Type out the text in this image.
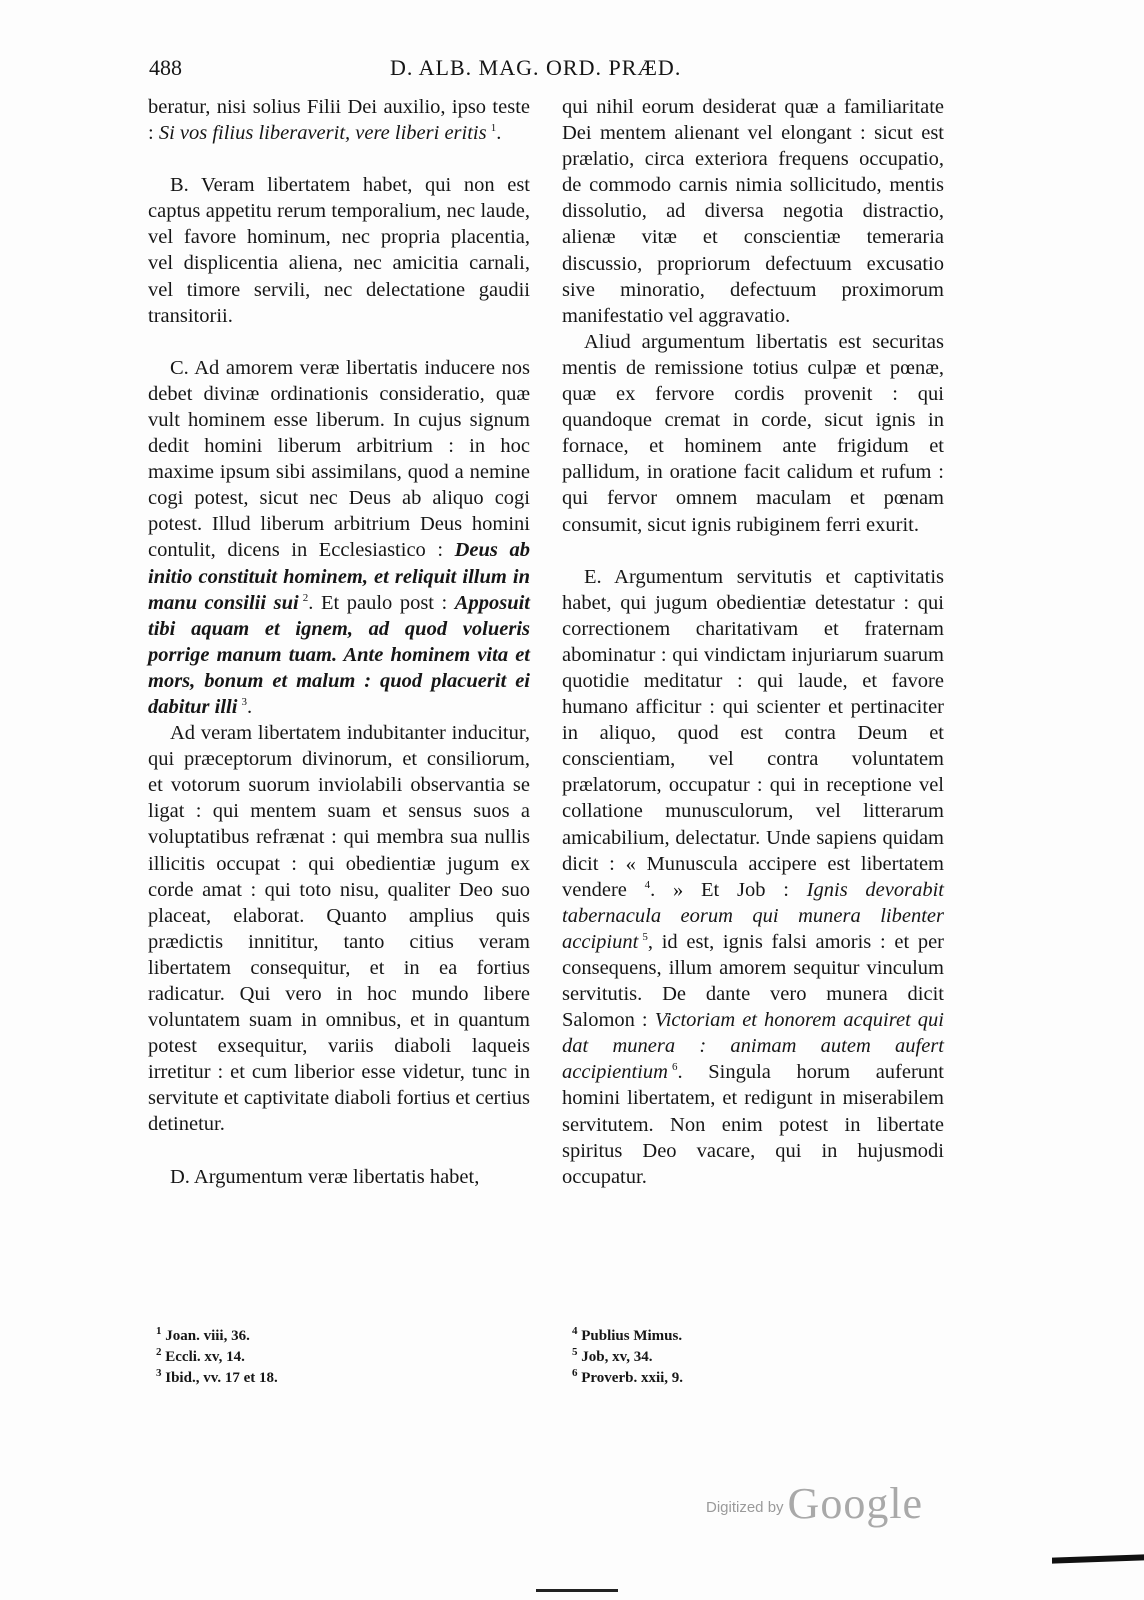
488	D. ALB. MAG. ORD. PRÆD.

beratur, nisi solius Filii Dei auxilio, ipso teste : Si vos filius liberaverit, vere liberi eritis  $^1$.

B. Veram libertatem habet, qui non est captus appetitu rerum temporalium, nec laude, vel favore hominum, nec propria placentia, vel displicentia aliena, nec amicitia carnali, vel timore servili, nec delectatione gaudii transitorii.

C. Ad amorem veræ libertatis inducere nos debet divinæ ordinationis consideratio, quæ vult hominem esse liberum. In cujus signum dedit homini liberum arbitrium : in hoc maxime ipsum sibi assimilans, quod a nemine cogi potest, sicut nec Deus ab aliquo cogi potest. Illud liberum arbitrium Deus homini contulit, dicens in Ecclesiastico : Deus ab initio constituit hominem, et reliquit illum in manu consilii sui  $^2$. Et paulo post : Apposuit tibi aquam et ignem, ad quod volueris porrige manum tuam. Ante hominem vita et mors, bonum et malum : quod placuerit ei dabitur illi  $^3$.

Ad veram libertatem indubitanter inducitur, qui præceptorum divinorum, et consiliorum, et votorum suorum inviolabili observantia se ligat : qui mentem suam et sensus suos a voluptatibus refrænat : qui membra sua nullis illicitis occupat : qui obedientiæ jugum ex corde amat : qui toto nisu, qualiter Deo suo placeat, elaborat. Quanto amplius quis prædictis innititur, tanto citius veram libertatem consequitur, et in ea fortius radicatur. Qui vero in hoc mundo libere voluntatem suam in omnibus, et in quantum potest exsequitur, variis diaboli laqueis irretitur : et cum liberior esse videtur, tunc in servitute et captivitate diaboli fortius et certius detinetur.

D. Argumentum veræ libertatis habet,

qui nihil eorum desiderat quæ a familiaritate Dei mentem alienant vel elongant : sicut est prælatio, circa exteriora frequens occupatio, de commodo carnis nimia sollicitudo, mentis dissolutio, ad diversa negotia distractio, alienæ vitæ et conscientiæ temeraria discussio, propriorum defectuum excusatio sive minoratio, defectuum proximorum manifestatio vel aggravatio.

Aliud argumentum libertatis est securitas mentis de remissione totius culpæ et pœnæ, quæ ex fervore cordis provenit : qui quandoque cremat in corde, sicut ignis in fornace, et hominem ante frigidum et pallidum, in oratione facit calidum et rufum : qui fervor omnem maculam et pœnam consumit, sicut ignis rubiginem ferri exurit.

E. Argumentum servitutis et captivitatis habet, qui jugum obedientiæ detestatur : qui correctionem charitativam et fraternam abominatur : qui vindictam injuriarum suarum quotidie meditatur : qui laude, et favore humano afficitur : qui scienter et pertinaciter in aliquo, quod est contra Deum et conscientiam, vel contra voluntatem prælatorum, occupatur : qui in receptione vel collatione munusculorum, vel litterarum amicabilium, delectatur. Unde sapiens quidam dicit : « Munuscula accipere est libertatem vendere $^4$. » Et Job : Ignis devorabit tabernacula eorum qui munera libenter accipiunt  $^5$, id est, ignis falsi amoris : et per consequens, illum amorem sequitur vinculum servitutis. De dante vero munera dicit Salomon : Victoriam et honorem acquiret qui dat munera : animam autem aufert accipientium  $^6$. Singula horum auferunt homini libertatem, et redigunt in miserabilem servitutem. Non enim potest in libertate spiritus Deo vacare, qui in hujusmodi occupatur.

$^1$ Joan. viii, 36.
$^2$ Eccli. xv, 14.
$^3$ Ibid., vv. 17 et 18.
$^4$ Publius Mimus.
$^5$ Job, xv, 34.
$^6$ Proverb. xxii, 9.
Digitized by Google
